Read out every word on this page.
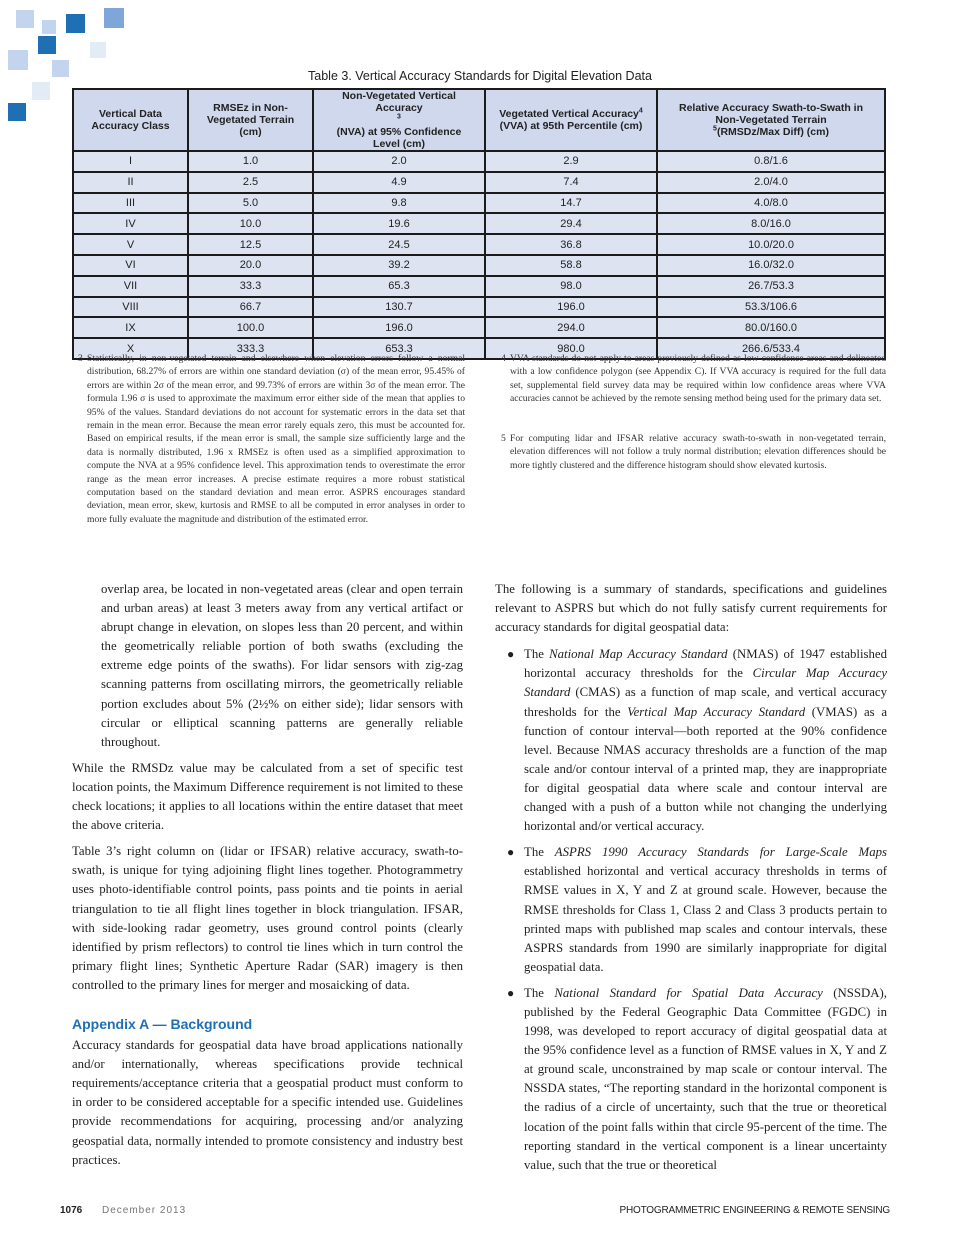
Table 3. Vertical Accuracy Standards for Digital Elevation Data
Vertical Data Accuracy Class	RMSEz in Non-Vegetated Terrain (cm)	Non-Vegetated Vertical Accuracy$^3$(NVA) at 95% Confidence Level (cm)	Vegetated Vertical Accuracy$^4$(VVA) at 95th Percentile (cm)	Relative Accuracy Swath-to-Swath in Non-Vegetated Terrain$^5$(RMSDz/Max Diff) (cm)
I	1.0	2.0	2.9	0.8/1.6
II	2.5	4.9	7.4	2.0/4.0
III	5.0	9.8	14.7	4.0/8.0
IV	10.0	19.6	29.4	8.0/16.0
V	12.5	24.5	36.8	10.0/20.0
VI	20.0	39.2	58.8	16.0/32.0
VII	33.3	65.3	98.0	26.7/53.3
VIII	66.7	130.7	196.0	53.3/106.6
IX	100.0	196.0	294.0	80.0/160.0
X	333.3	653.3	980.0	266.6/533.4
3 Statistically, in non-vegetated terrain and elsewhere when elevation errors follow a normal distribution, 68.27% of errors are within one standard deviation (σ) of the mean error, 95.45% of errors are within 2σ of the mean error, and 99.73% of errors are within 3σ of the mean error. The formula 1.96 σ is used to approximate the maximum error either side of the mean that applies to 95% of the values. Standard deviations do not account for systematic errors in the data set that remain in the mean error. Because the mean error rarely equals zero, this must be accounted for. Based on empirical results, if the mean error is small, the sample size sufficiently large and the data is normally distributed, 1.96 x RMSEz is often used as a simplified approximation to compute the NVA at a 95% confidence level. This approximation tends to overestimate the error range as the mean error increases. A precise estimate requires a more robust statistical computation based on the standard deviation and mean error. ASPRS encourages standard deviation, mean error, skew, kurtosis and RMSE to all be computed in error analyses in order to more fully evaluate the magnitude and distribution of the estimated error.
4 VVA standards do not apply to areas previously defined as low confidence areas and delineated with a low confidence polygon (see Appendix C). If VVA accuracy is required for the full data set, supplemental field survey data may be required within low confidence areas where VVA accuracies cannot be achieved by the remote sensing method being used for the primary data set.
5 For computing lidar and IFSAR relative accuracy swath-to-swath in non-vegetated terrain, elevation differences will not follow a truly normal distribution; elevation differences should be more tightly clustered and the difference histogram should show elevated kurtosis.

overlap area, be located in non-vegetated areas (clear and open terrain and urban areas) at least 3 meters away from any vertical artifact or abrupt change in elevation, on slopes less than 20 percent, and within the geometrically reliable portion of both swaths (excluding the extreme edge points of the swaths). For lidar sensors with zig-zag scanning patterns from oscillating mirrors, the geometrically reliable portion excludes about 5% (2½% on either side); lidar sensors with circular or elliptical scanning patterns are generally reliable throughout.

While the RMSDz value may be calculated from a set of specific test location points, the Maximum Difference requirement is not limited to these check locations; it applies to all locations within the entire dataset that meet the above criteria.

Table 3’s right column on (lidar or IFSAR) relative accuracy, swath-to-swath, is unique for tying adjoining flight lines together. Photogrammetry uses photo-identifiable control points, pass points and tie points in aerial triangulation to tie all flight lines together in block triangulation. IFSAR, with side-looking radar geometry, uses ground control points (clearly identified by prism reflectors) to control tie lines which in turn control the primary flight lines; Synthetic Aperture Radar (SAR) imagery is then controlled to the primary lines for merger and mosaicking of data.

Appendix A — Background

Accuracy standards for geospatial data have broad applications nationally and/or internationally, whereas specifications provide technical requirements/acceptance criteria that a geospatial product must conform to in order to be considered acceptable for a specific intended use. Guidelines provide recommendations for acquiring, processing and/or analyzing geospatial data, normally intended to promote consistency and industry best practices.

The following is a summary of standards, specifications and guidelines relevant to ASPRS but which do not fully satisfy current requirements for accuracy standards for digital geospatial data:

● The National Map Accuracy Standard (NMAS) of 1947 established horizontal accuracy thresholds for the Circular Map Accuracy Standard (CMAS) as a function of map scale, and vertical accuracy thresholds for the Vertical Map Accuracy Standard (VMAS) as a function of contour interval—both reported at the 90% confidence level. Because NMAS accuracy thresholds are a function of the map scale and/or contour interval of a printed map, they are inappropriate for digital geospatial data where scale and contour interval are changed with a push of a button while not changing the underlying horizontal and/or vertical accuracy.
● The ASPRS 1990 Accuracy Standards for Large-Scale Maps established horizontal and vertical accuracy thresholds in terms of RMSE values in X, Y and Z at ground scale. However, because the RMSE thresholds for Class 1, Class 2 and Class 3 products pertain to printed maps with published map scales and contour intervals, these ASPRS standards from 1990 are similarly inappropriate for digital geospatial data.
● The National Standard for Spatial Data Accuracy (NSSDA), published by the Federal Geographic Data Committee (FGDC) in 1998, was developed to report accuracy of digital geospatial data at the 95% confidence level as a function of RMSE values in X, Y and Z at ground scale, unconstrained by map scale or contour interval. The NSSDA states, “The reporting standard in the horizontal component is the radius of a circle of uncertainty, such that the true or theoretical location of the point falls within that circle 95-percent of the time. The reporting standard in the vertical component is a linear uncertainty value, such that the true or theoretical
1076 December 2013	PHOTOGRAMMETRIC ENGINEERING & REMOTE SENSING
